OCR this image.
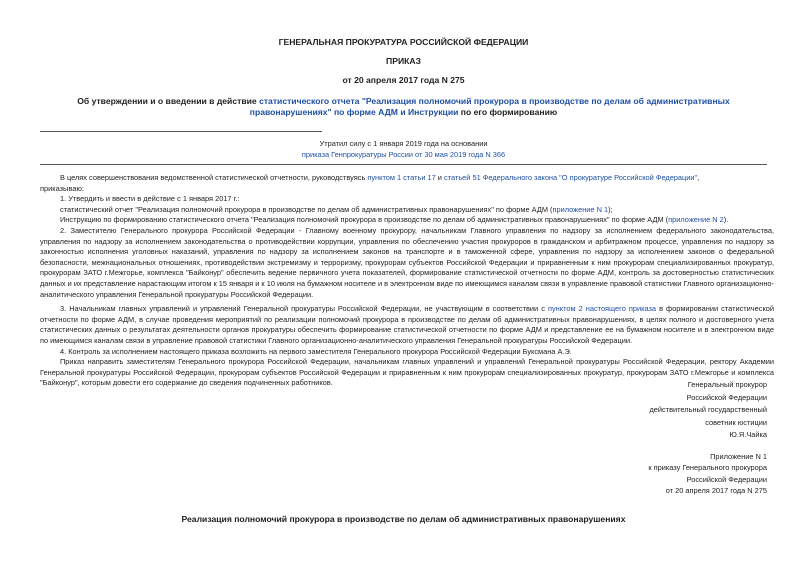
ГЕНЕРАЛЬНАЯ ПРОКУРАТУРА РОССИЙСКОЙ ФЕДЕРАЦИИ
ПРИКАЗ
от 20 апреля 2017 года N 275
Об утверждении и о введении в действие статистического отчета "Реализация полномочий прокурора в производстве по делам об административных правонарушениях" по форме АДМ и Инструкции по его формированию
Утратил силу с 1 января 2019 года на основании
приказа Генпрокуратуры России от 30 мая 2019 года N 366

В целях совершенствования ведомственной статистической отчетности, руководствуясь пунктом 1 статьи 17 и статьей 51 Федерального закона "О прокуратуре Российской Федерации",

приказываю:

1. Утвердить и ввести в действие с 1 января 2017 г.:

статистический отчет "Реализация полномочий прокурора в производстве по делам об административных правонарушениях" по форме АДМ (приложение N 1);

Инструкцию по формированию статистического отчета "Реализация полномочий прокурора в производстве по делам об административных правонарушениях" по форме АДМ (приложение N 2).

2. Заместителю Генерального прокурора Российской Федерации - Главному военному прокурору, начальникам Главного управления по надзору за исполнением федерального законодательства, управления по надзору за исполнением законодательства о противодействии коррупции, управления по обеспечению участия прокуроров в гражданском и арбитражном процессе, управления по надзору за законностью исполнения уголовных наказаний, управления по надзору за исполнением законов на транспорте и в таможенной сфере, управления по надзору за исполнением законов о федеральной безопасности, межнациональных отношениях, противодействии экстремизму и терроризму, прокурорам субъектов Российской Федерации и приравненным к ним прокурорам специализированных прокуратур, прокурорам ЗАТО г.Межгорье, комплекса "Байконур" обеспечить ведение первичного учета показателей, формирование статистической отчетности по форме АДМ, контроль за достоверностью статистических данных и их представление нарастающим итогом к 15 января и к 10 июля на бумажном носителе и в электронном виде по имеющимся каналам связи в управление правовой статистики Главного организационно-аналитического управления Генеральной прокуратуры Российской Федерации.

3. Начальникам главных управлений и управлений Генеральной прокуратуры Российской Федерации, не участвующим в соответствии с пунктом 2 настоящего приказа в формировании статистической отчетности по форме АДМ, в случае проведения мероприятий по реализации полномочий прокурора в производстве по делам об административных правонарушениях, в целях полного и достоверного учета статистических данных о результатах деятельности органов прокуратуры обеспечить формирование статистической отчетности по форме АДМ и представление ее на бумажном носителе и в электронном виде по имеющимся каналам связи в управление правовой статистики Главного организационно-аналитического управления Генеральной прокуратуры Российской Федерации.

4. Контроль за исполнением настоящего приказа возложить на первого заместителя Генерального прокурора Российской Федерации Буксмана А.Э.

Приказ направить заместителям Генерального прокурора Российской Федерации, начальникам главных управлений и управлений Генеральной прокуратуры Российской Федерации, ректору Академии Генеральной прокуратуры Российской Федерации, прокурорам субъектов Российской Федерации и приравненным к ним прокурорам специализированных прокуратур, прокурорам ЗАТО г.Межгорье и комплекса "Байконур", которым довести его содержание до сведения подчиненных работников.	Генеральный прокурор
Российской Федерации
действительный государственный
советник юстиции
Ю.Я.Чайка
Приложение N 1
к приказу Генерального прокурора
Российской Федерации
от 20 апреля 2017 года N 275
Реализация полномочий прокурора в производстве по делам об административных правонарушениях
